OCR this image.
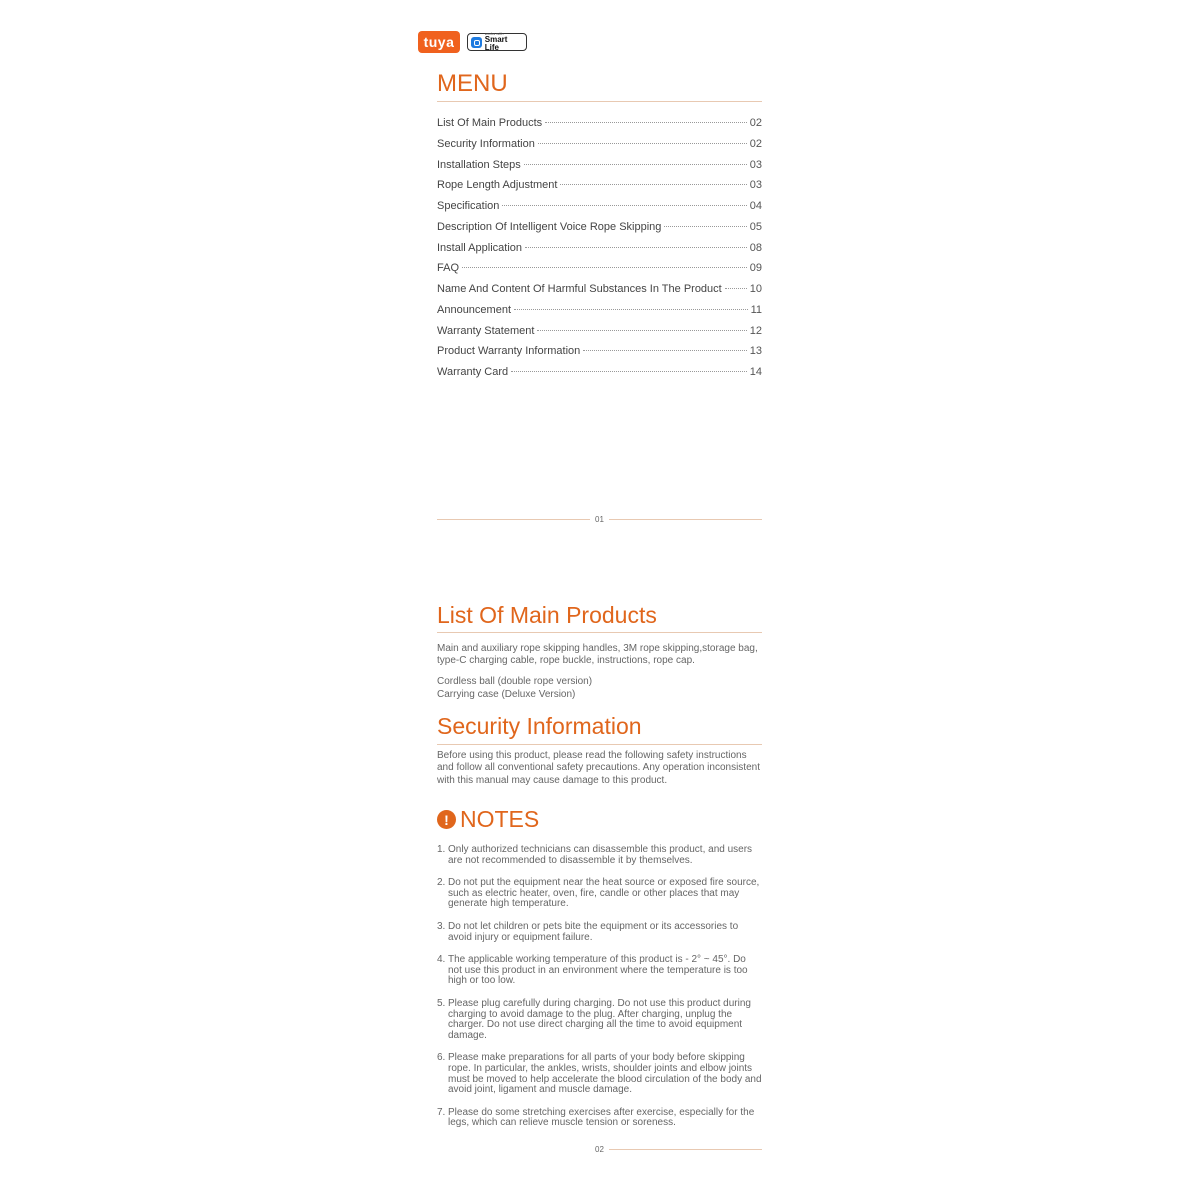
tuya
works with
Smart Life
MENU
List Of Main Products	02
Security Information	02
Installation Steps	03
Rope Length Adjustment	03
Specification	04
Description Of Intelligent Voice Rope Skipping	05
Install Application	08
FAQ	09
Name And Content Of Harmful Substances In The Product	10
Announcement	11
Warranty Statement	12
Product Warranty Information	13
Warranty Card	14
01
List Of Main Products

Main and auxiliary rope skipping handles, 3M rope skipping,storage bag, type-C charging cable, rope buckle, instructions, rope cap.

Cordless ball (double rope version)

Carrying case (Deluxe Version)

Security Information

Before using this product, please read the following safety instructions and follow all conventional safety precautions. Any operation inconsistent with this manual may cause damage to this product.

! NOTES
1. Only authorized technicians can disassemble this product, and users are not recommended to disassemble it by themselves.
2. Do not put the equipment near the heat source or exposed fire source, such as electric heater, oven, fire, candle or other places that may generate high temperature.
3. Do not let children or pets bite the equipment or its accessories to avoid injury or equipment failure.
4. The applicable working temperature of this product is - 2° ~ 45°. Do not use this product in an environment where the temperature is too high or too low.
5. Please plug carefully during charging. Do not use this product during charging to avoid damage to the plug. After charging, unplug the charger. Do not use direct charging all the time to avoid equipment damage.
6. Please make preparations for all parts of your body before skipping rope. In particular, the ankles, wrists, shoulder joints and elbow joints must be moved to help accelerate the blood circulation of the body and avoid joint, ligament and muscle damage.
7. Please do some stretching exercises after exercise, especially for the legs, which can relieve muscle tension or soreness.
02
